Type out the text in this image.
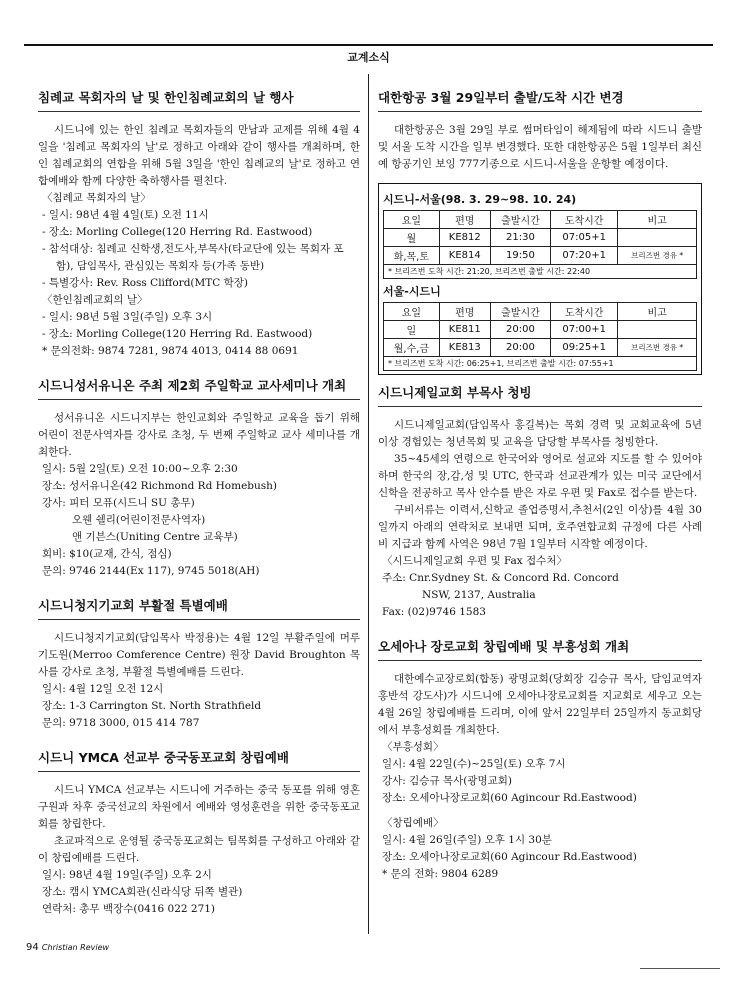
교계소식
침례교 목회자의 날 및 한인침례교회의 날 행사

시드니에 있는 한인 침례교 목회자들의 만남과 교제를 위해 4월 4일을 '침례교 목회자의 날'로 정하고 아래와 같이 행사를 개최하며, 한인 침례교회의 연합을 위해 5월 3일을 '한인 침례교의 날'로 정하고 연합예배와 함께 다양한 축하행사를 펼친다.

〈침례교 목회자의 날〉

- 일시: 98년 4월 4일(토) 오전 11시

- 장소: Morling College(120 Herring Rd. Eastwood)

- 참석대상: 침례교 신학생,전도사,부목사(타교단에 있는 목회자 포함), 담임목사, 관심있는 목회자 등(가족 동반)

- 특별강사: Rev. Ross Clifford(MTC 학장)

〈한인침례교회의 날〉

- 일시: 98년 5월 3일(주일) 오후 3시

- 장소: Morling College(120 Herring Rd. Eastwood)

* 문의전화: 9874 7281, 9874 4013, 0414 88 0691

시드니성서유니온 주최 제2회 주일학교 교사세미나 개최

성서유니온 시드니지부는 한인교회와 주일학교 교육을 돕기 위해 어린이 전문사역자를 강사로 초청, 두 번째 주일학교 교사 세미나를 개최한다.

일시: 5월 2일(토) 오전 10:00~오후 2:30

장소: 성서유니온(42 Richmond Rd Homebush)

강사: 피터 모퓨(시드니 SU 총무)

오웬 쉘리(어린이전문사역자)

앤 기븐스(Uniting Centre 교육부)

회비: $10(교재, 간식, 점심)

문의: 9746 2144(Ex 117), 9745 5018(AH)

시드니청지기교회 부활절 특별예배

시드니청지기교회(담임목사 박정용)는 4월 12일 부활주일에 머루기도원(Merroo Comference Centre) 원장 David Broughton 목사를 강사로 초청, 부활절 특별예배를 드린다.

일시: 4월 12일 오전 12시

장소: 1-3 Carrington St. North Strathfield

문의: 9718 3000, 015 414 787

시드니 YMCA 선교부 중국동포교회 창립예배

시드니 YMCA 선교부는 시드니에 거주하는 중국 동포를 위해 영혼구원과 차후 중국선교의 차원에서 예배와 영성훈련을 위한 중국동포교회를 창립한다.

초교파적으로 운영될 중국동포교회는 팀목회를 구성하고 아래와 같이 창립예배를 드린다.

일시: 98년 4월 19일(주일) 오후 2시

장소: 캠시 YMCA회관(신라식당 뒤쪽 별관)

연락처: 총무 백장수(0416 022 271)

대한항공 3월 29일부터 출발/도착 시간 변경

대한항공은 3월 29일 부로 썸머타임이 해제됨에 따라 시드니 출발 및 서울 도착 시간을 일부 변경했다. 또한 대한항공은 5월 1일부터 최신예 항공기인 보잉 777기종으로 시드니-서울을 운항할 예정이다.

시드니-서울(98. 3. 29~98. 10. 24)
요일	편명	출발시간	도착시간	비고
월	KE812	21:30	07:05+1	
화,목,토	KE814	19:50	07:20+1	브리즈번 경유 *
* 브리즈번 도착 시간: 21:20, 브리즈번 출발 시간: 22:40
서울-시드니
요일	편명	출발시간	도착시간	비고
일	KE811	20:00	07:00+1	
월,수,금	KE813	20:00	09:25+1	브리즈번 경유 *
* 브리즈번 도착 시간: 06:25+1, 브리즈번 출발 시간: 07:55+1
시드니제일교회 부목사 청빙

시드니제일교회(담임목사 홍길복)는 목회 경력 및 교회교육에 5년 이상 경험있는 청년목회 및 교육을 담당할 부목사를 청빙한다.

35~45세의 연령으로 한국어와 영어로 설교와 지도를 할 수 있어야 하며 한국의 장,감,성 및 UTC, 한국과 선교관계가 있는 미국 교단에서 신학을 전공하고 목사 안수를 받은 자로 우편 및 Fax로 접수를 받는다.

구비서류는 이력서,신학교 졸업증명서,추천서(2인 이상)를 4월 30일까지 아래의 연락처로 보내면 되며, 호주연합교회 규정에 다른 사례비 지급과 함께 사역은 98년 7월 1일부터 시작할 예정이다.

〈시드니제일교회 우편 및 Fax 접수처〉

주소: Cnr.Sydney St. & Concord Rd. Concord

NSW, 2137, Australia

Fax: (02)9746 1583

오세아나 장로교회 창립예배 및 부흥성회 개최

대한예수교장로회(합동) 광명교회(당회장 김승규 목사, 담임교역자 홍반석 강도사)가 시드니에 오세아나장로교회를 지교회로 세우고 오는 4월 26일 창립예배를 드리며, 이에 앞서 22일부터 25일까지 동교회당에서 부흥성회를 개최한다.

〈부흥성회〉

일시: 4월 22일(수)~25일(토) 오후 7시

강사: 김승규 목사(광명교회)

장소: 오세아나장로교회(60 Agincour Rd.Eastwood)

〈창립예배〉

일시: 4월 26일(주일) 오후 1시 30분

장소: 오세아나장로교회(60 Agincour Rd.Eastwood)

* 문의 전화: 9804 6289

94 Christian Review
